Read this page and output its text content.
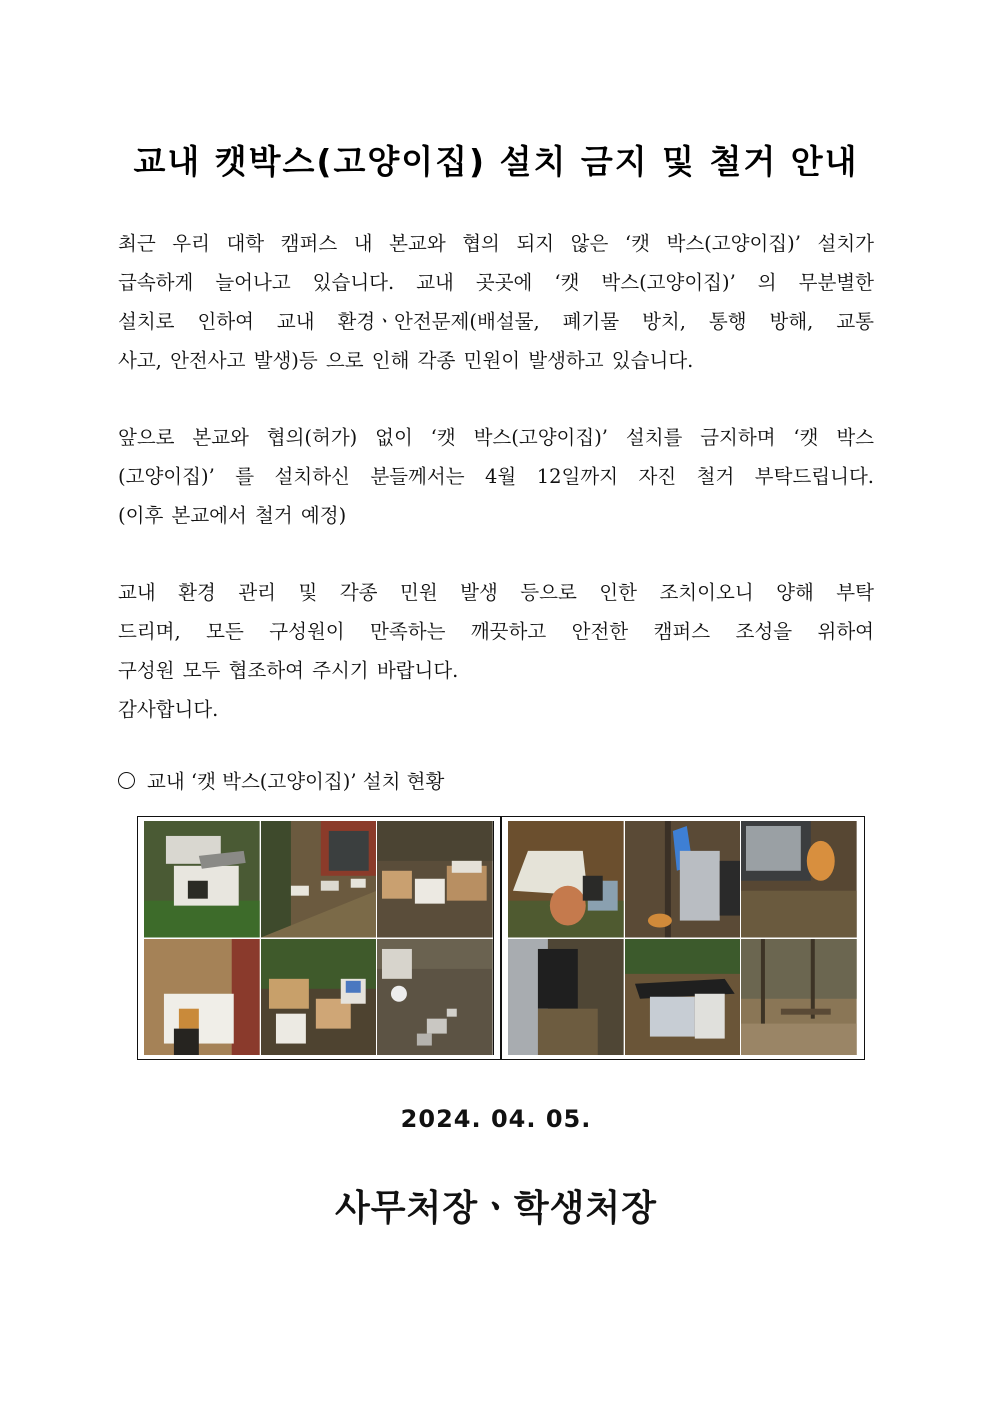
교내 캣박스(고양이집) 설치 금지 및 철거 안내
최근 우리 대학 캠퍼스 내 본교와 협의 되지 않은 ‘캣 박스(고양이집)’ 설치가
급속하게 늘어나고 있습니다. 교내 곳곳에 ‘캣 박스(고양이집)’ 의 무분별한
설치로 인하여 교내 환경ㆍ안전문제(배설물, 폐기물 방치, 통행 방해, 교통
사고, 안전사고 발생)등 으로 인해 각종 민원이 발생하고 있습니다.
앞으로 본교와 협의(허가) 없이 ‘캣 박스(고양이집)’ 설치를 금지하며 ‘캣 박스
(고양이집)’ 를 설치하신 분들께서는 4월 12일까지 자진 철거 부탁드립니다.
(이후 본교에서 철거 예정)
교내 환경 관리 및 각종 민원 발생 등으로 인한 조치이오니 양해 부탁
드리며, 모든 구성원이 만족하는 깨끗하고 안전한 캠퍼스 조성을 위하여
구성원 모두 협조하여 주시기 바랍니다.
감사합니다.
교내 ‘캣 박스(고양이집)’ 설치 현황
2024. 04. 05.
사무처장ㆍ학생처장
